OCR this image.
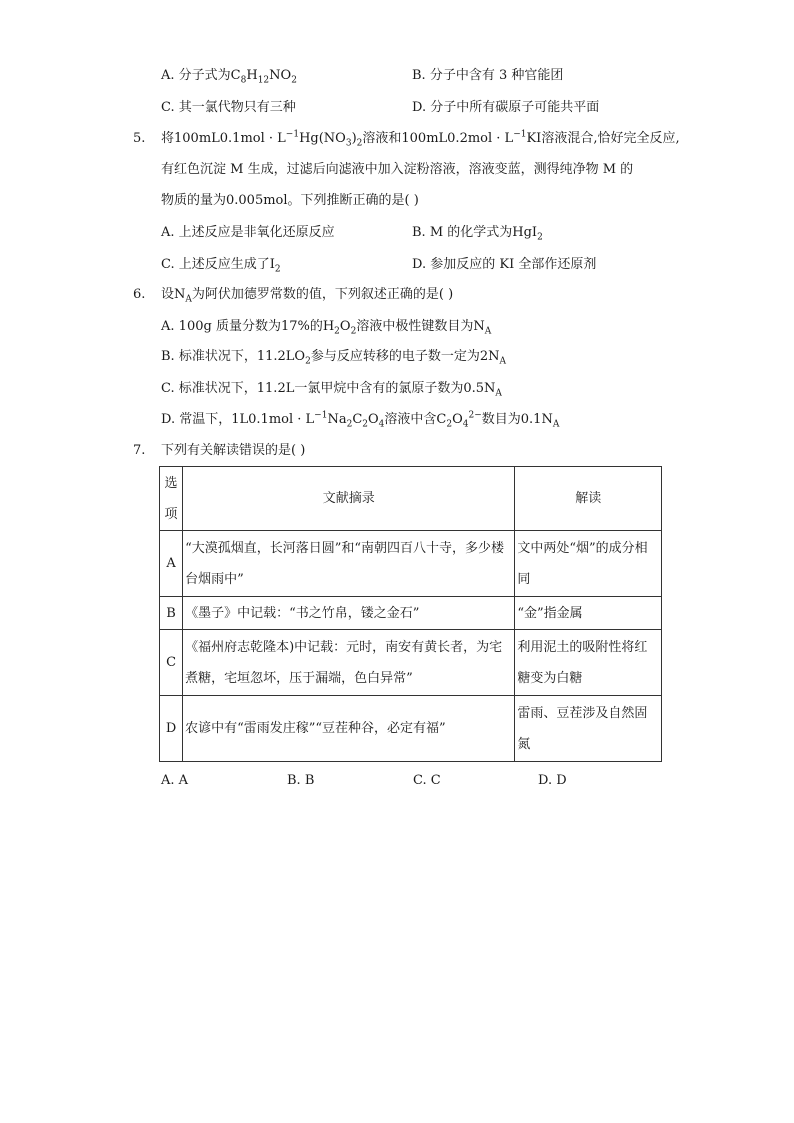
A. 分子式为$C_8H_{12}NO_2$	B. 分子中含有 3 种官能团
C. 其一氯代物只有三种	D. 分子中所有碳原子可能共平面
5. 将$100mL0.1mol \cdot L^{-1}Hg(NO_3)_2$溶液和$100mL0.2mol \cdot L^{-1}KI$溶液混合,恰好完全反应,
有红色沉淀 M 生成，过滤后向滤液中加入淀粉溶液，溶液变蓝，测得纯净物 M 的
物质的量为0.005mol。下列推断正确的是( )
A. 上述反应是非氧化还原反应	B. M 的化学式为HgI$_2$
C. 上述反应生成了$I_2$	D. 参加反应的 KI 全部作还原剂
6. 设$N_A$为阿伏加德罗常数的值，下列叙述正确的是( )
A. 100g 质量分数为17%的$H_2O_2$溶液中极性键数目为$N_A$
B. 标准状况下，$11.2LO_2$参与反应转移的电子数一定为$2N_A$
C. 标准状况下，11.2L一氯甲烷中含有的氯原子数为$0.5N_A$
D. 常温下，$1L0.1mol \cdot L^{-1}Na_2C_2O_4$溶液中含$C_2O_4^{2-}$数目为$0.1N_A$
7. 下列有关解读错误的是( )
选项	文献摘录	解读
A	“大漠孤烟直，长河落日圆”和“南朝四百八十寺，多少楼台烟雨中”	文中两处“烟”的成分相同
B	《墨子》中记载：“书之竹帛，镂之金石”	“金”指金属
C	《福州府志乾隆本)中记载：元时，南安有黄长者，为宅煮糖，宅垣忽坏，压于漏端，色白异常”	利用泥土的吸附性将红糖变为白糖
D	农谚中有“雷雨发庄稼”“豆茬种谷，必定有福”	雷雨、豆茬涉及自然固氮
A. A	B. B	C. C	D. D
